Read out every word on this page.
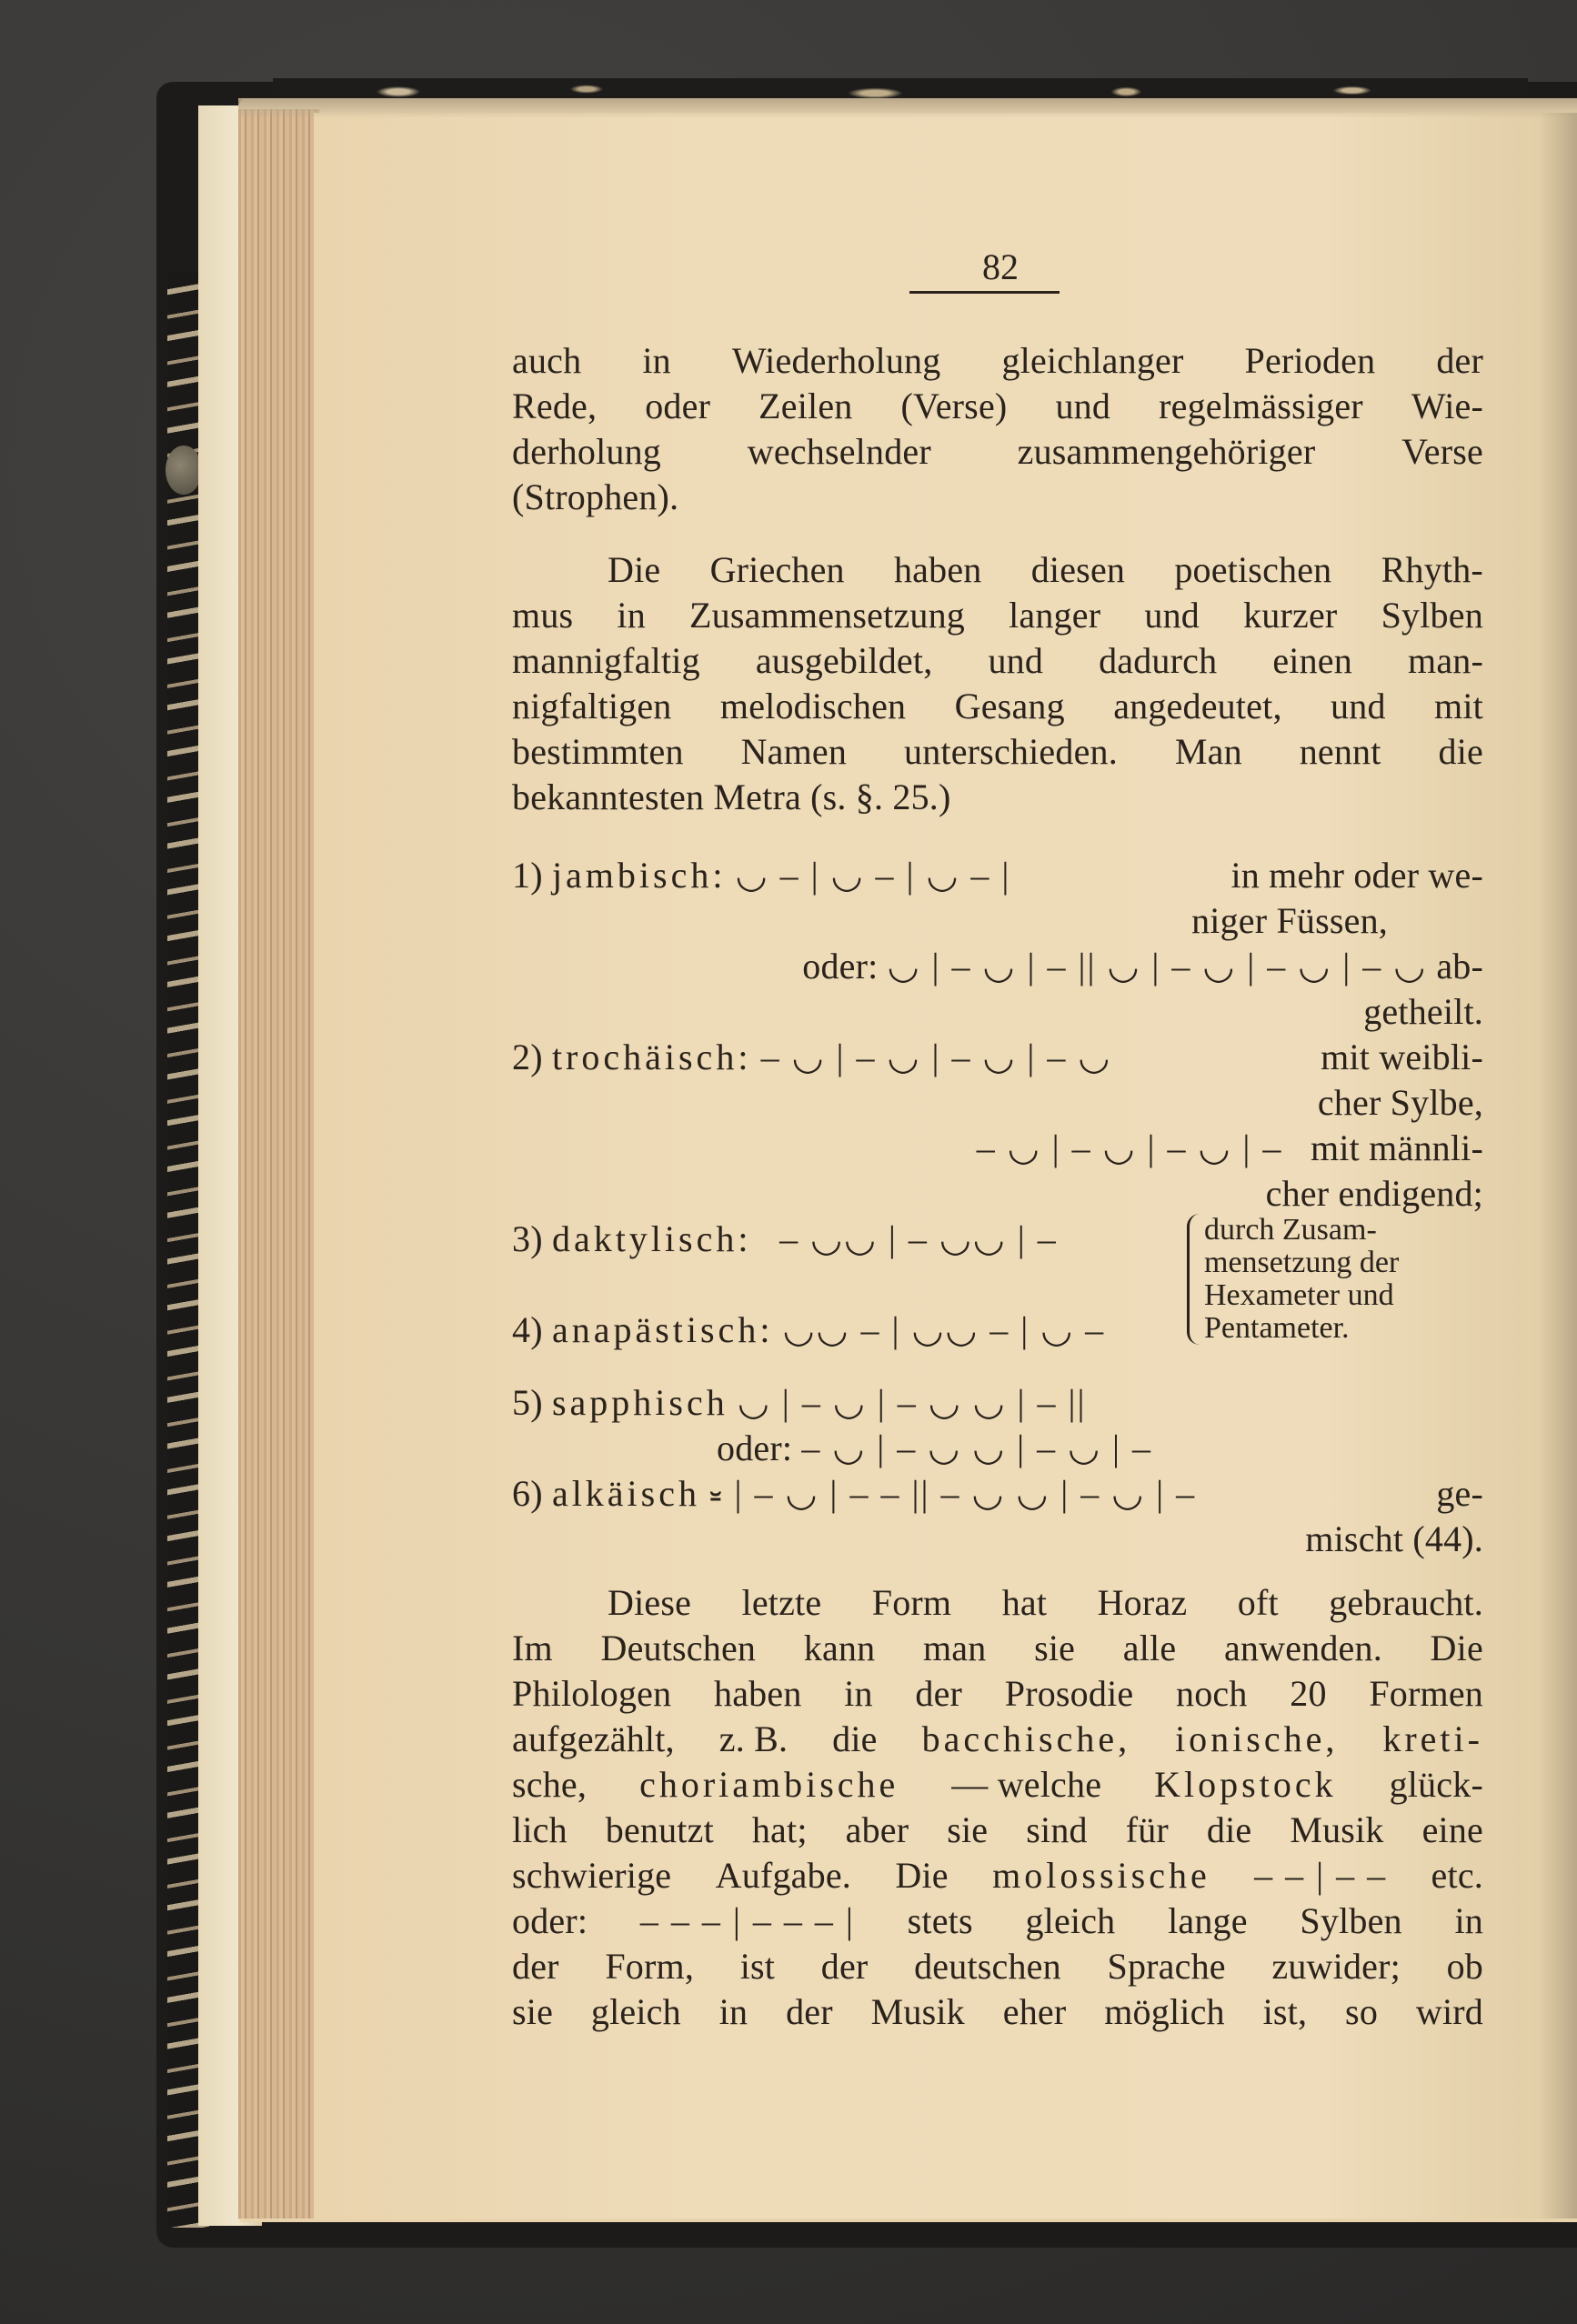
82
auch in Wiederholung gleichlanger Perioden der
Rede, oder Zeilen (Verse) und regelmässiger Wie-
derholung wechselnder zusammengehöriger Verse
(Strophen).
Die Griechen haben diesen poetischen Rhyth-
mus in Zusammensetzung langer und kurzer Sylben
mannigfaltig ausgebildet, und dadurch einen man-
nigfaltigen melodischen Gesang angedeutet, und mit
bestimmten Namen unterschieden. Man nennt die
bekanntesten Metra (s. §. 25.)
1) jambisch: ◡ – | ◡ – | ◡ – |	in mehr oder we-
niger Füssen,
oder:
◡ | – ◡ | – || ◡ | – ◡ | – ◡ | – ◡
ab-
getheilt.
2) trochäisch: – ◡ | – ◡ | – ◡ | – ◡	mit weibli-
cher Sylbe,
– ◡ | – ◡ | – ◡ | –
mit männli-
cher endigend;
3)
daktylisch:
– ◡◡ | – ◡◡ | –
4)
anapästisch:
◡◡ – | ◡◡ – | ◡ –
5)
sapphisch
◡ | – ◡ | – ◡ ◡ | – ||
oder:
– ◡ | – ◡ ◡ | – ◡ | –
6) alkäisch ⏓ | – ◡ | – – || – ◡ ◡ | – ◡ | –	ge-
mischt (44).
durch Zusam-
mensetzung der
Hexameter und
Pentameter.
Diese letzte Form hat Horaz oft gebraucht.
Im Deutschen kann man sie alle anwenden. Die
Philologen haben in der Prosodie noch 20 Formen
aufgezählt, z. B. die bacchische, ionische, kreti-
sche, choriambische — welche Klopstock glück-
lich benutzt hat; aber sie sind für die Musik eine
schwierige Aufgabe. Die molossische – – | – – etc.
oder: – – – | – – – | stets gleich lange Sylben in
der Form, ist der deutschen Sprache zuwider; ob
sie gleich in der Musik eher möglich ist, so wird
